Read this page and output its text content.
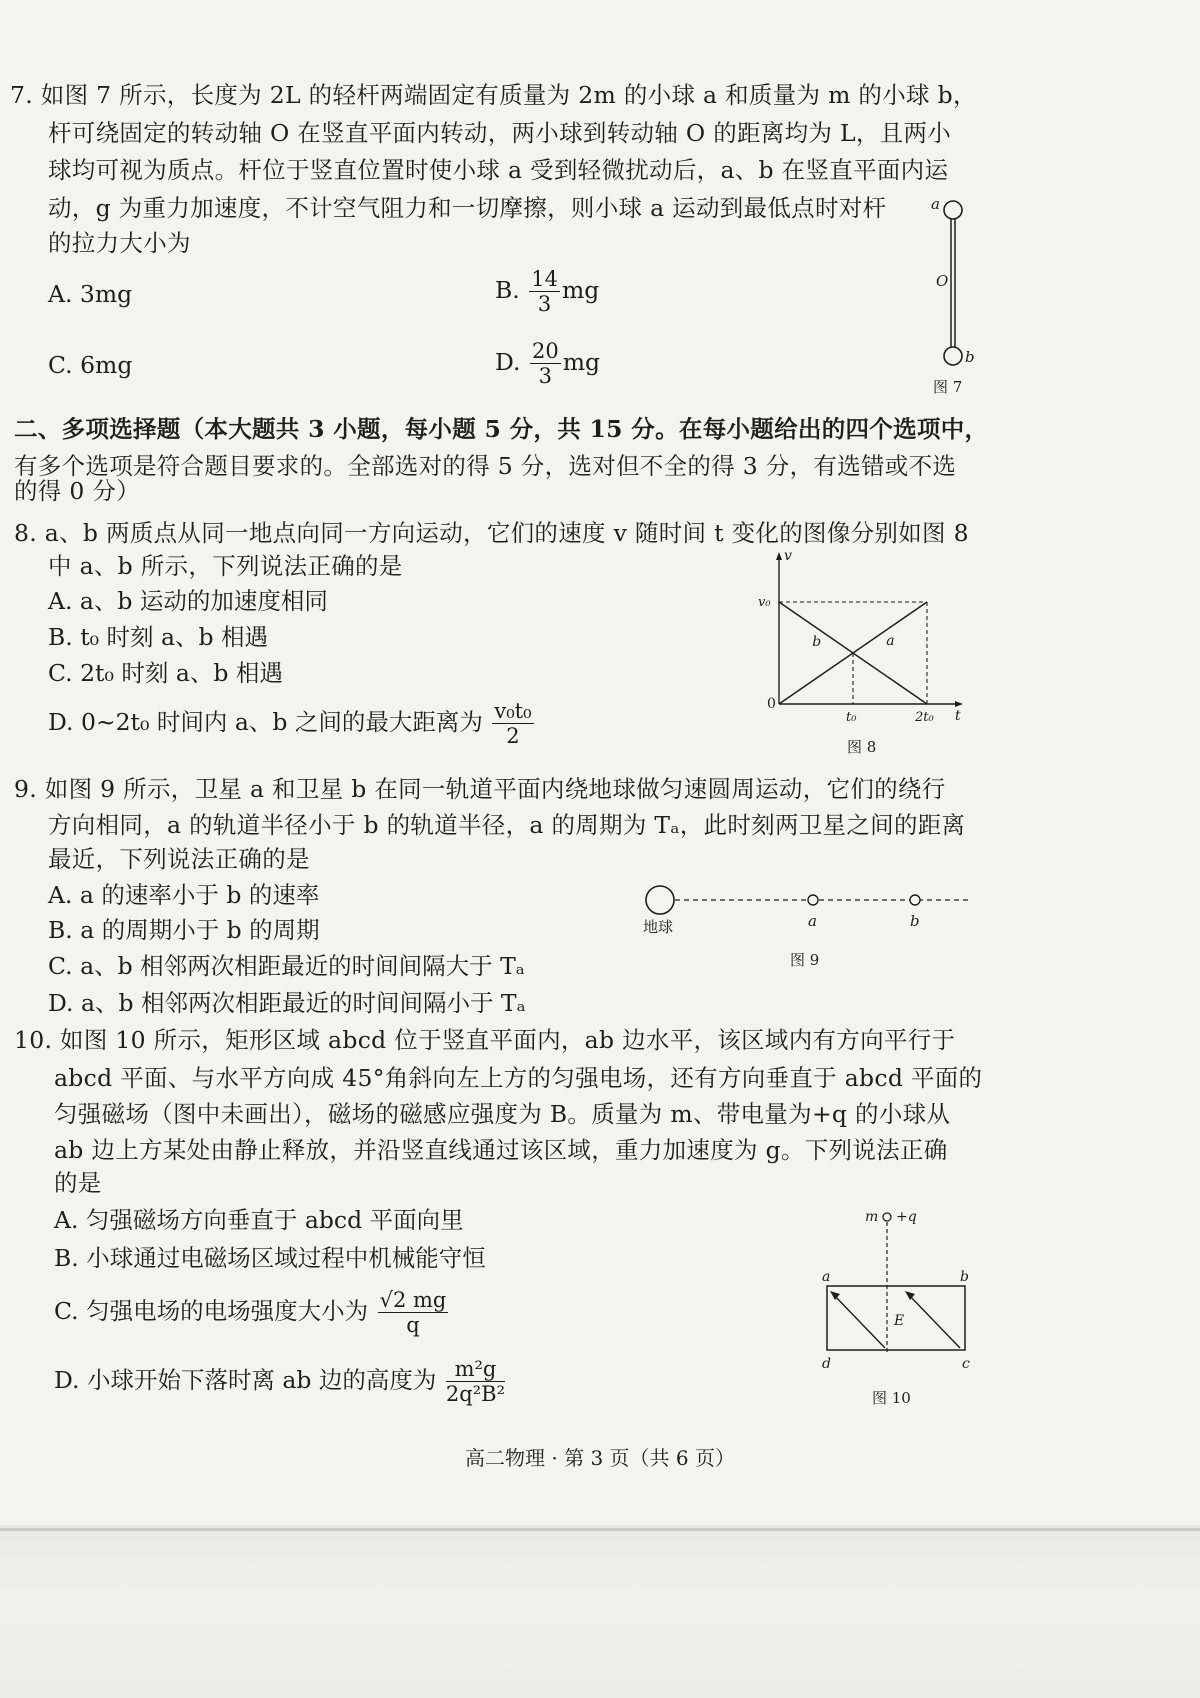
7. 如图 7 所示，长度为 2L 的轻杆两端固定有质量为 2m 的小球 a 和质量为 m 的小球 b，
杆可绕固定的转动轴 O 在竖直平面内转动，两小球到转动轴 O 的距离均为 L，且两小
球均可视为质点。杆位于竖直位置时使小球 a 受到轻微扰动后，a、b 在竖直平面内运
动，g 为重力加速度，不计空气阻力和一切摩擦，则小球 a 运动到最低点时对杆
的拉力大小为
A. 3mg	B. $\frac{14}{3}$ mg
C. 6mg	D. $\frac{20}{3}$ mg
a
O
b
图 7
二、多项选择题（本大题共 3 小题，每小题 5 分，共 15 分。在每小题给出的四个选项中，
有多个选项是符合题目要求的。全部选对的得 5 分，选对但不全的得 3 分，有选错或不选
的得 0 分）
8. a、b 两质点从同一地点向同一方向运动，它们的速度 v 随时间 t 变化的图像分别如图 8
中 a、b 所示，下列说法正确的是
A. a、b 运动的加速度相同
B. t₀ 时刻 a、b 相遇
C. 2t₀ 时刻 a、b 相遇
D. 0~2t₀ 时间内 a、b 之间的最大距离为 $\frac{\text{v₀t₀}}{2}$	t
v
0
t₀	2t₀
v₀
a
b
图 8
9. 如图 9 所示，卫星 a 和卫星 b 在同一轨道平面内绕地球做匀速圆周运动，它们的绕行
方向相同，a 的轨道半径小于 b 的轨道半径，a 的周期为 Tₐ，此时刻两卫星之间的距离
最近，下列说法正确的是
A. a 的速率小于 b 的速率
B. a 的周期小于 b 的周期
C. a、b 相邻两次相距最近的时间间隔大于 Tₐ
D. a、b 相邻两次相距最近的时间间隔小于 Tₐ
地球	a	b
图 9
10. 如图 10 所示，矩形区域 abcd 位于竖直平面内，ab 边水平，该区域内有方向平行于
abcd 平面、与水平方向成 45°角斜向左上方的匀强电场，还有方向垂直于 abcd 平面的
匀强磁场（图中未画出），磁场的磁感应强度为 B。质量为 m、带电量为+q 的小球从
ab 边上方某处由静止释放，并沿竖直线通过该区域，重力加速度为 g。下列说法正确
的是
A. 匀强磁场方向垂直于 abcd 平面向里
B. 小球通过电磁场区域过程中机械能守恒
C. 匀强电场的电场强度大小为 $\frac{√2 mg}{q}$
D. 小球开始下落时离 ab 边的高度为 $\frac{\text{m²g}}{\text{2q²B²}}$
m +q
a	b
d	c
E
图 10
高二物理 · 第 3 页（共 6 页）
